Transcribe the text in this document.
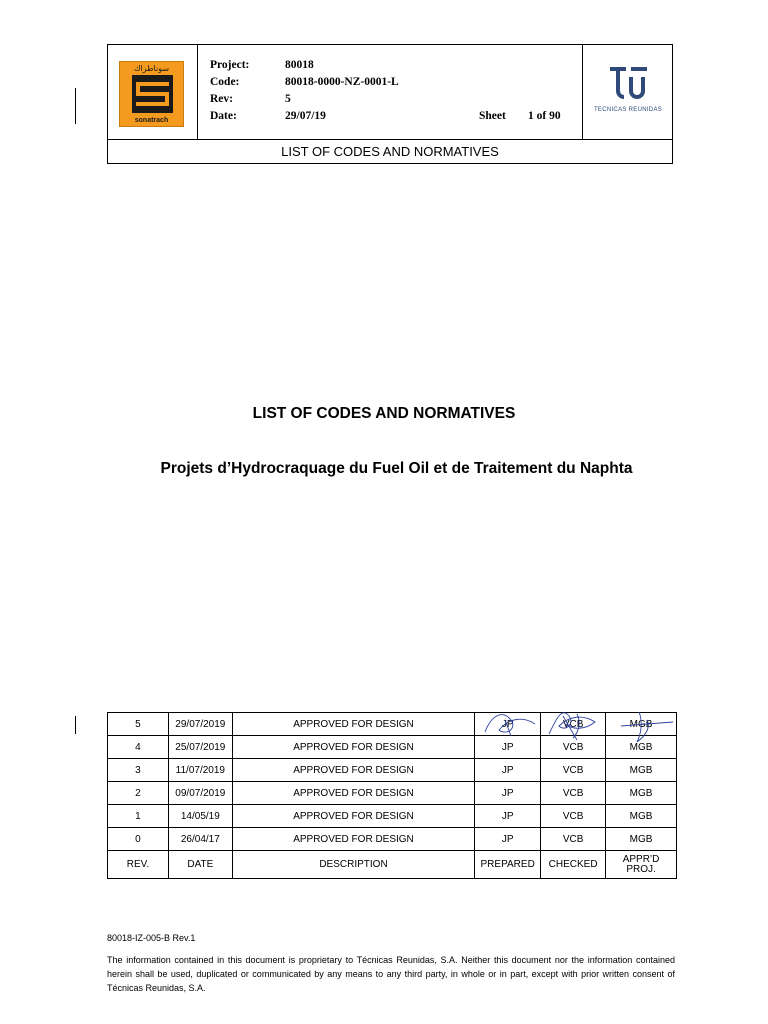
سوناطراك
sonatrach
Project:	80018
Code:	80018-0000-NZ-0001-L
Rev:	5
Date:	29/07/19	Sheet 1 of 90	TECNICAS REUNIDAS
LIST OF CODES AND NORMATIVES
LIST OF CODES AND NORMATIVES
Projets d’Hydrocraquage du Fuel Oil et de Traitement du Naphta
5	29/07/2019	APPROVED FOR DESIGN	JP	VCB	MGB
4	25/07/2019	APPROVED FOR DESIGN	JP	VCB	MGB
3	11/07/2019	APPROVED FOR DESIGN	JP	VCB	MGB
2	09/07/2019	APPROVED FOR DESIGN	JP	VCB	MGB
1	14/05/19	APPROVED FOR DESIGN	JP	VCB	MGB
0	26/04/17	APPROVED FOR DESIGN	JP	VCB	MGB
REV.	DATE	DESCRIPTION	PREPARED	CHECKED	APPR’D
PROJ.
80018-IZ-005-B Rev.1
The information contained in this document is proprietary to Técnicas Reunidas, S.A. Neither this document nor the information contained herein shall be used, duplicated or communicated by any means to any third party, in whole or in part, except with prior written consent of Técnicas Reunidas, S.A.
